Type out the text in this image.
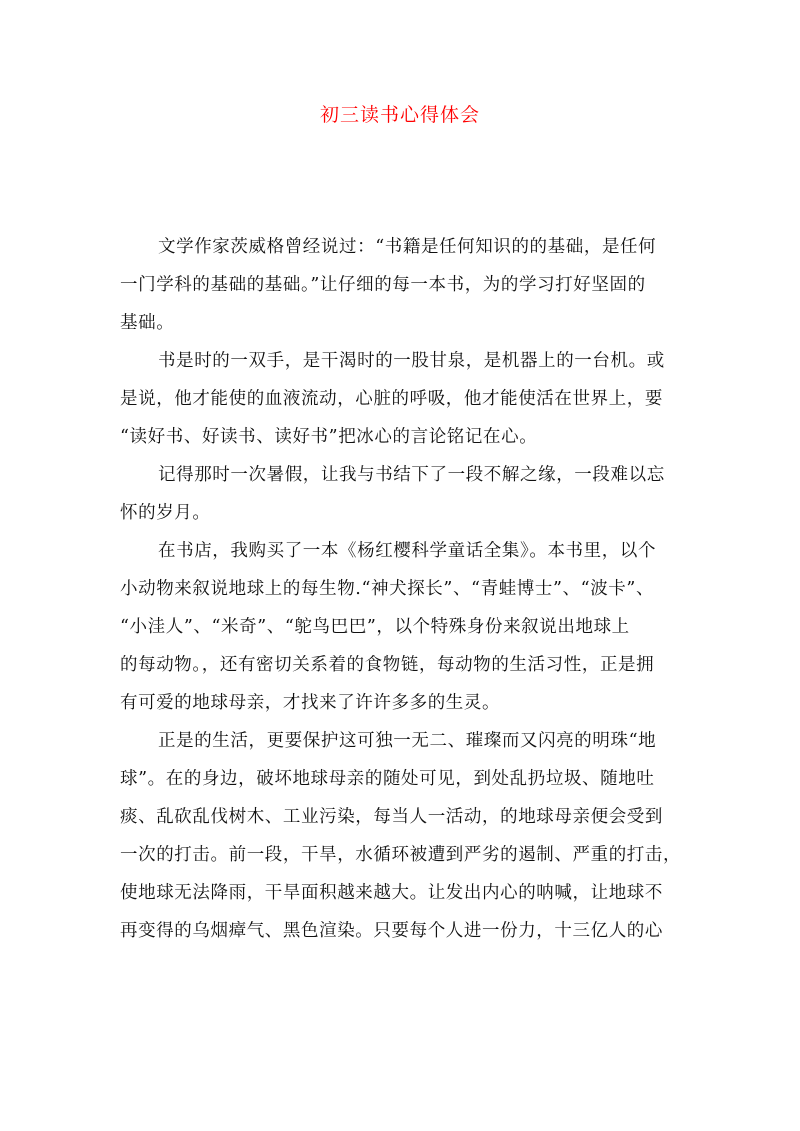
初三读书心得体会
文学作家茨威格曾经说过：“书籍是任何知识的的基础，是任何
一门学科的基础的基础。”让仔细的每一本书，为的学习打好坚固的
基础。
书是时的一双手，是干渴时的一股甘泉，是机器上的一台机。或
是说，他才能使的血液流动，心脏的呼吸，他才能使活在世界上，要
“读好书、好读书、读好书”把冰心的言论铭记在心。
记得那时一次暑假，让我与书结下了一段不解之缘，一段难以忘
怀的岁月。
在书店，我购买了一本《杨红樱科学童话全集》。本书里，以个
小动物来叙说地球上的每生物.“神犬探长”、“青蛙博士”、“波卡”、
“小洼人”、“米奇”、“鸵鸟巴巴”，以个特殊身份来叙说出地球上
的每动物。，还有密切关系着的食物链，每动物的生活习性，正是拥
有可爱的地球母亲，才找来了许许多多的生灵。
正是的生活，更要保护这可独一无二、璀璨而又闪亮的明珠“地
球”。在的身边，破坏地球母亲的随处可见，到处乱扔垃圾、随地吐
痰、乱砍乱伐树木、工业污染，每当人一活动，的地球母亲便会受到
一次的打击。前一段，干旱，水循环被遭到严劣的遏制、严重的打击，
使地球无法降雨，干旱面积越来越大。让发出内心的呐喊，让地球不
再变得的乌烟瘴气、黑色渲染。只要每个人进一份力，十三亿人的心
